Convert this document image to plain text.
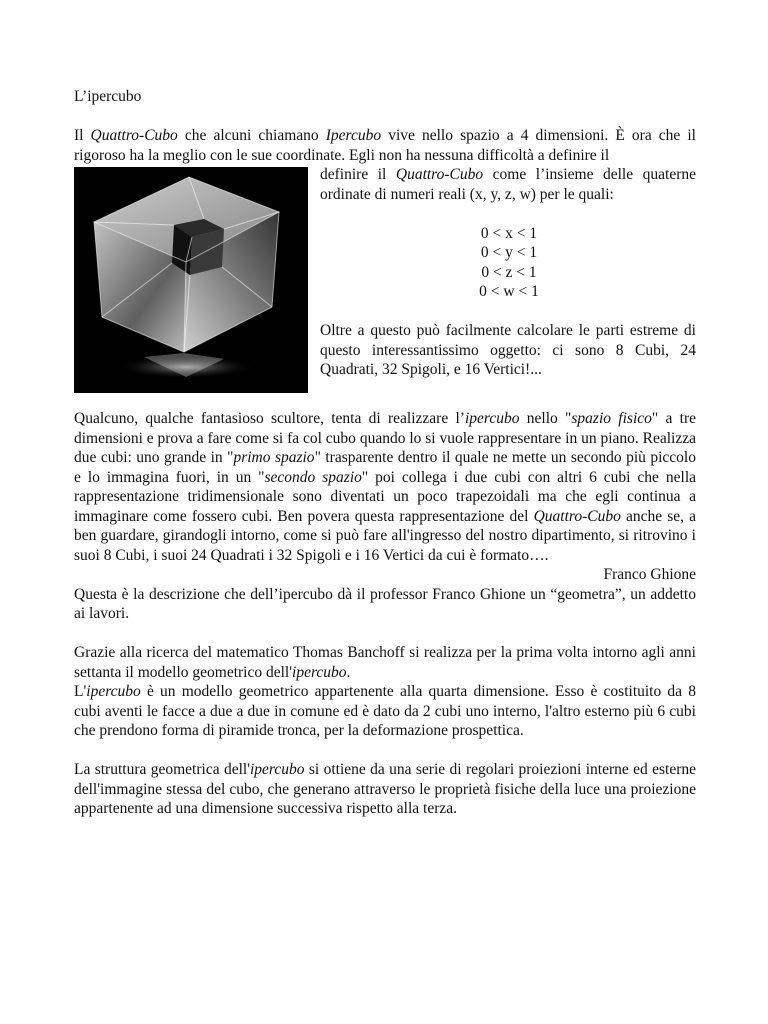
L’ipercubo

Il Quattro-Cubo che alcuni chiamano Ipercubo vive nello spazio a 4 dimensioni. È ora che il rigoroso ha la meglio con le sue coordinate. Egli non ha nessuna difficoltà a definire il

definire il Quattro-Cubo come l’insieme delle quaterne ordinate di numeri reali (x, y, z, w) per le quali:

0 < x < 1
0 < y < 1
0 < z < 1
0 < w < 1

Oltre a questo può facilmente calcolare le parti estreme di questo interessantissimo oggetto: ci sono 8 Cubi, 24 Quadrati, 32 Spigoli, e 16 Vertici!...

Qualcuno, qualche fantasioso scultore, tenta di realizzare l’ipercubo nello "spazio fisico" a tre dimensioni e prova a fare come si fa col cubo quando lo si vuole rappresentare in un piano. Realizza due cubi: uno grande in "primo spazio" trasparente dentro il quale ne mette un secondo più piccolo e lo immagina fuori, in un "secondo spazio" poi collega i due cubi con altri 6 cubi che nella rappresentazione tridimensionale sono diventati un poco trapezoidali ma che egli continua a immaginare come fossero cubi. Ben povera questa rappresentazione del Quattro-Cubo anche se, a ben guardare, girandogli intorno, come si può fare all'ingresso del nostro dipartimento, si ritrovino i suoi 8 Cubi, i suoi 24 Quadrati i 32 Spigoli e i 16 Vertici da cui è formato….

Franco Ghione

Questa è la descrizione che dell’ipercubo dà il professor Franco Ghione un “geometra”, un addetto ai lavori.

Grazie alla ricerca del matematico Thomas Banchoff si realizza per la prima volta intorno agli anni settanta il modello geometrico dell'ipercubo.

L'ipercubo è un modello geometrico appartenente alla quarta dimensione. Esso è costituito da 8 cubi aventi le facce a due a due in comune ed è dato da 2 cubi uno interno, l'altro esterno più 6 cubi che prendono forma di piramide tronca, per la deformazione prospettica.

La struttura geometrica dell'ipercubo si ottiene da una serie di regolari proiezioni interne ed esterne dell'immagine stessa del cubo, che generano attraverso le proprietà fisiche della luce una proiezione appartenente ad una dimensione successiva rispetto alla terza.
